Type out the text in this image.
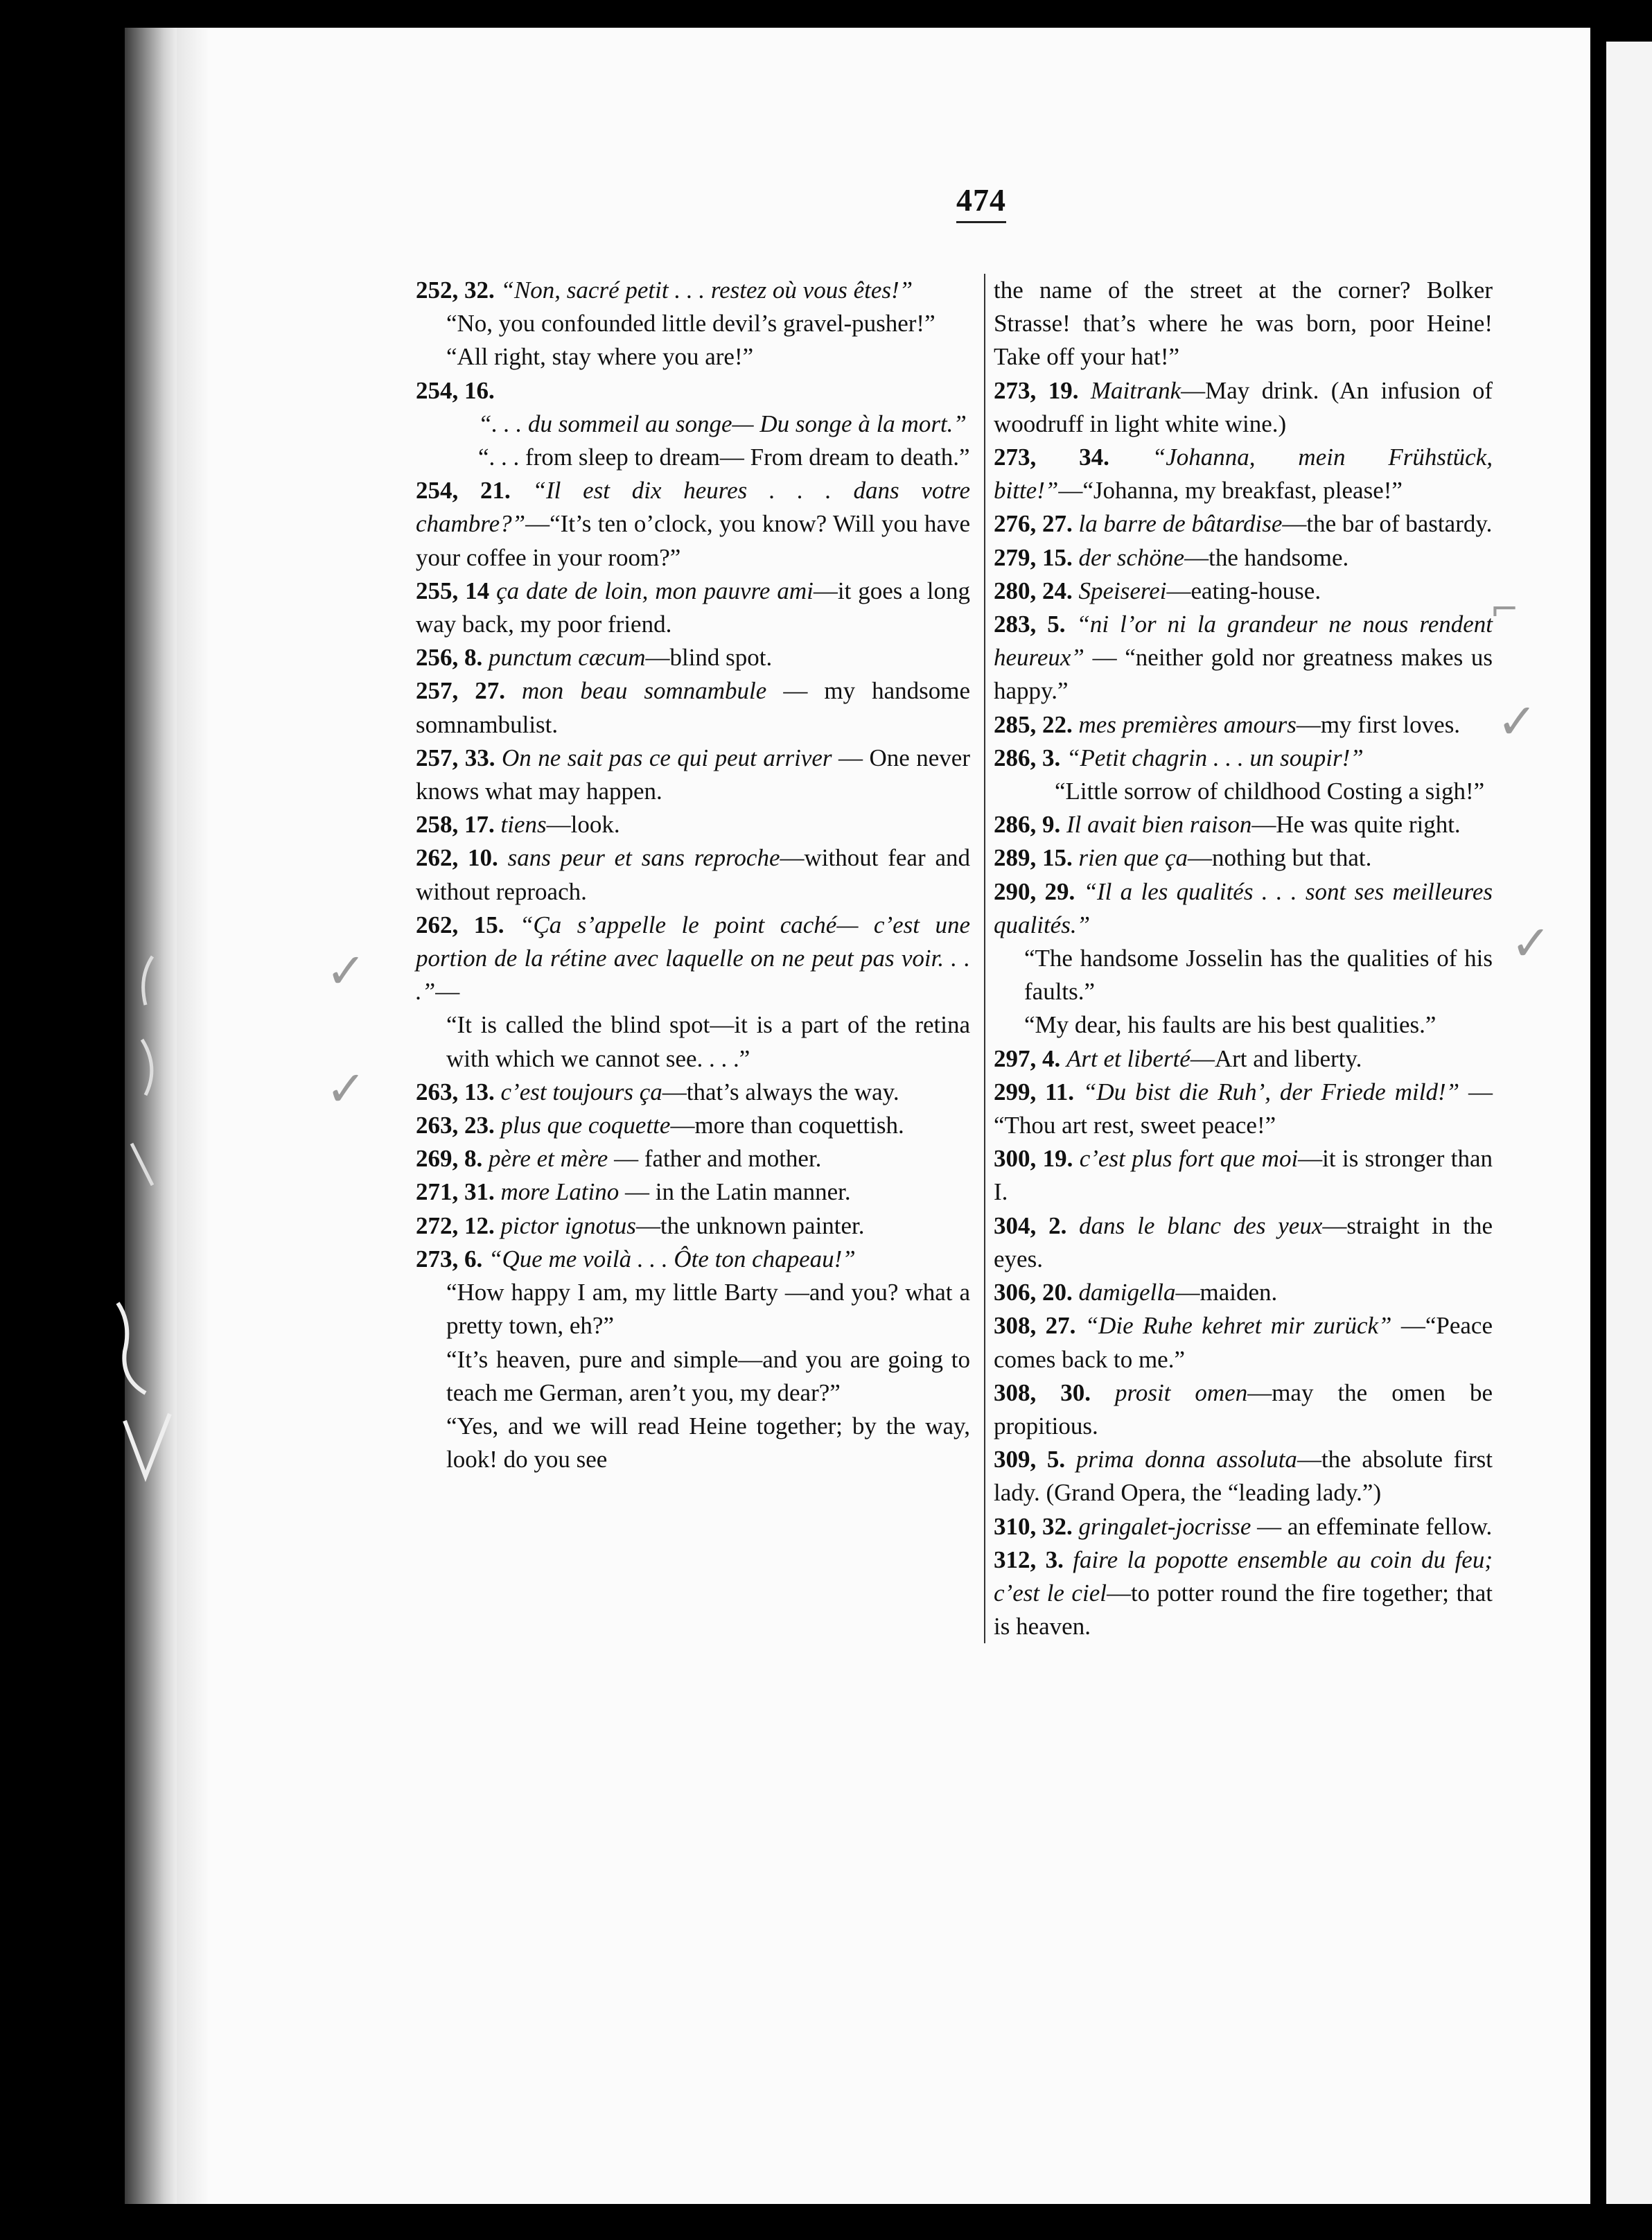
✓
✓
✓
✓
⌐
474

252, 32. “Non, sacré petit . . . restez où vous êtes!”

“No, you confounded little devil’s gravel-pusher!”

“All right, stay where you are!”

254, 16.

“. . . du sommeil au songe— Du songe à la mort.”

“. . . from sleep to dream— From dream to death.”

254, 21. “Il est dix heures . . . dans votre chambre?”—“It’s ten o’clock, you know? Will you have your coffee in your room?”

255, 14 ça date de loin, mon pauvre ami—it goes a long way back, my poor friend.

256, 8. punctum cæcum—blind spot.

257, 27. mon beau somnambule — my handsome somnambulist.

257, 33. On ne sait pas ce qui peut arriver — One never knows what may happen.

258, 17. tiens—look.

262, 10. sans peur et sans reproche—without fear and without reproach.

262, 15. “Ça s’appelle le point caché— c’est une portion de la rétine avec laquelle on ne peut pas voir. . . .”—

“It is called the blind spot—it is a part of the retina with which we cannot see. . . .”

263, 13. c’est toujours ça—that’s always the way.

263, 23. plus que coquette—more than coquettish.

269, 8. père et mère — father and mother.

271, 31. more Latino — in the Latin manner.

272, 12. pictor ignotus—the unknown painter.

273, 6. “Que me voilà . . . Ôte ton chapeau!”

“How happy I am, my little Barty —and you? what a pretty town, eh?”

“It’s heaven, pure and simple—and you are going to teach me German, aren’t you, my dear?”

“Yes, and we will read Heine together; by the way, look! do you see

the name of the street at the corner? Bolker Strasse! that’s where he was born, poor Heine! Take off your hat!”

273, 19. Maitrank—May drink. (An infusion of woodruff in light white wine.)

273, 34. “Johanna, mein Frühstück, bitte!”—“Johanna, my breakfast, please!”

276, 27. la barre de bâtardise—the bar of bastardy.

279, 15. der schöne—the handsome.

280, 24. Speiserei—eating-house.

283, 5. “ni l’or ni la grandeur ne nous rendent heureux” — “neither gold nor greatness makes us happy.”

285, 22. mes premières amours—my first loves.

286, 3. “Petit chagrin . . . un soupir!”

“Little sorrow of childhood Costing a sigh!”

286, 9. Il avait bien raison—He was quite right.

289, 15. rien que ça—nothing but that.

290, 29. “Il a les qualités . . . sont ses meilleures qualités.”

“The handsome Josselin has the qualities of his faults.”

“My dear, his faults are his best qualities.”

297, 4. Art et liberté—Art and liberty.

299, 11. “Du bist die Ruh’, der Friede mild!” — “Thou art rest, sweet peace!”

300, 19. c’est plus fort que moi—it is stronger than I.

304, 2. dans le blanc des yeux—straight in the eyes.

306, 20. damigella—maiden.

308, 27. “Die Ruhe kehret mir zurück” —“Peace comes back to me.”

308, 30. prosit omen—may the omen be propitious.

309, 5. prima donna assoluta—the absolute first lady. (Grand Opera, the “leading lady.”)

310, 32. gringalet-jocrisse — an effeminate fellow.

312, 3. faire la popotte ensemble au coin du feu; c’est le ciel—to potter round the fire together; that is heaven.
